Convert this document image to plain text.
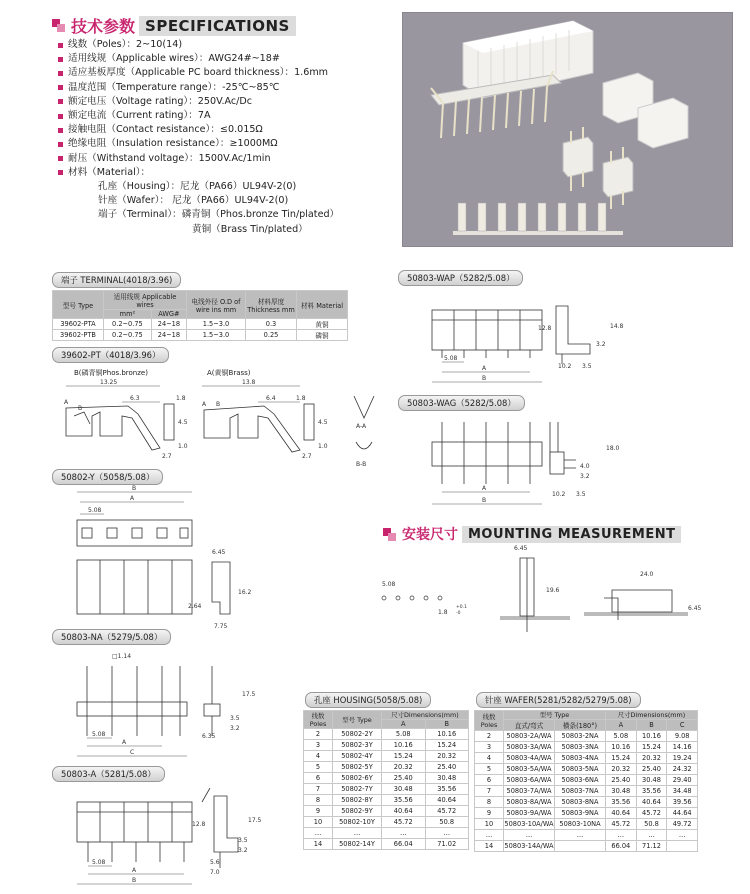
技术参数 SPECIFICATIONS
线数（Poles）：2~10(14)
适用线规（Applicable wires）：AWG24#~18#
适应基板厚度（Applicable PC board thickness）：1.6mm
温度范围（Temperature range）：-25℃~85℃
额定电压（Voltage rating）：250V.Ac/Dc
额定电流（Current rating）：7A
接触电阻（Contact resistance）：≤0.015Ω
绝缘电阻（Insulation resistance）：≥1000MΩ
耐压（Withstand voltage）：1500V.Ac/1min
材料（Material）：
孔座（Housing）：尼龙（PA66）UL94V-2(0)
针座（Wafer）： 尼龙（PA66）UL94V-2(0)
端子（Terminal）：磷青铜（Phos.bronze Tin/plated）
黄铜（Brass Tin/plated）
端子 TERMINAL(4018/3.96)
型号 Type	适用线规 Applicable wires		电线外径 O.D of wire ins mm	材料厚度 Thickness mm	材料 Material
	mm²	AWG#			
39602-PTA	0.2~0.75	24~18	1.5~3.0	0.3	黄铜
39602-PTB	0.2~0.75	24~18	1.5~3.0	0.25	磷铜
39602-PT（4018/3.96）
B(磷青铜Phos.bronze)	A(黄铜Brass)
13.25
A
B
6.3	1.8
4.5
1.0
2.7
13.8
A B
6.4	1.8
4.5
1.0
2.7
A-A
B-B
50802-Y（5058/5.08）
B
A
5.08
6.45
16.2
2.64
7.75
50803-NA（5279/5.08）
□1.14
5.08
A
C
17.5
3.5
3.2
6.35
50803-A（5281/5.08）
5.08
A
B
12.8
17.5
3.5
3.2
5.6
7.0
50803-WAP（5282/5.08）
5.08
A
B
12.8	14.8
3.2
10.2 3.5
50803-WAG（5282/5.08）
A
B
18.0
4.0
3.2
10.2 3.5
安装尺寸 MOUNTING MEASUREMENT
5.08
1.8
+0.1
-0
6.45
19.6
24.0
6.45
孔座 HOUSING(5058/5.08)
线数 Poles	型号 Type	尺寸Dimensions(mm)	
		A	B
2	50802-2Y	5.08	10.16
3	50802-3Y	10.16	15.24
4	50802-4Y	15.24	20.32
5	50802-5Y	20.32	25.40
6	50802-6Y	25.40	30.48
7	50802-7Y	30.48	35.56
8	50802-8Y	35.56	40.64
9	50802-9Y	40.64	45.72
10	50802-10Y	45.72	50.8
…	…	…	…
14	50802-14Y	66.04	71.02
针座 WAFER(5281/5282/5279/5.08)
线数 Poles	型号 Type		尺寸Dimensions(mm)		
	直式/弯式	横条(180°)	A	B	C
2	50803-2A/WA	50803-2NA	5.08	10.16	9.08
3	50803-3A/WA	50803-3NA	10.16	15.24	14.16
4	50803-4A/WA	50803-4NA	15.24	20.32	19.24
5	50803-5A/WA	50803-5NA	20.32	25.40	24.32
6	50803-6A/WA	50803-6NA	25.40	30.48	29.40
7	50803-7A/WA	50803-7NA	30.48	35.56	34.48
8	50803-8A/WA	50803-8NA	35.56	40.64	39.56
9	50803-9A/WA	50803-9NA	40.64	45.72	44.64
10	50803-10A/WA	50803-10NA	45.72	50.8	49.72
…	…	…	…	…	…
14	50803-14A/WA		66.04	71.12	
